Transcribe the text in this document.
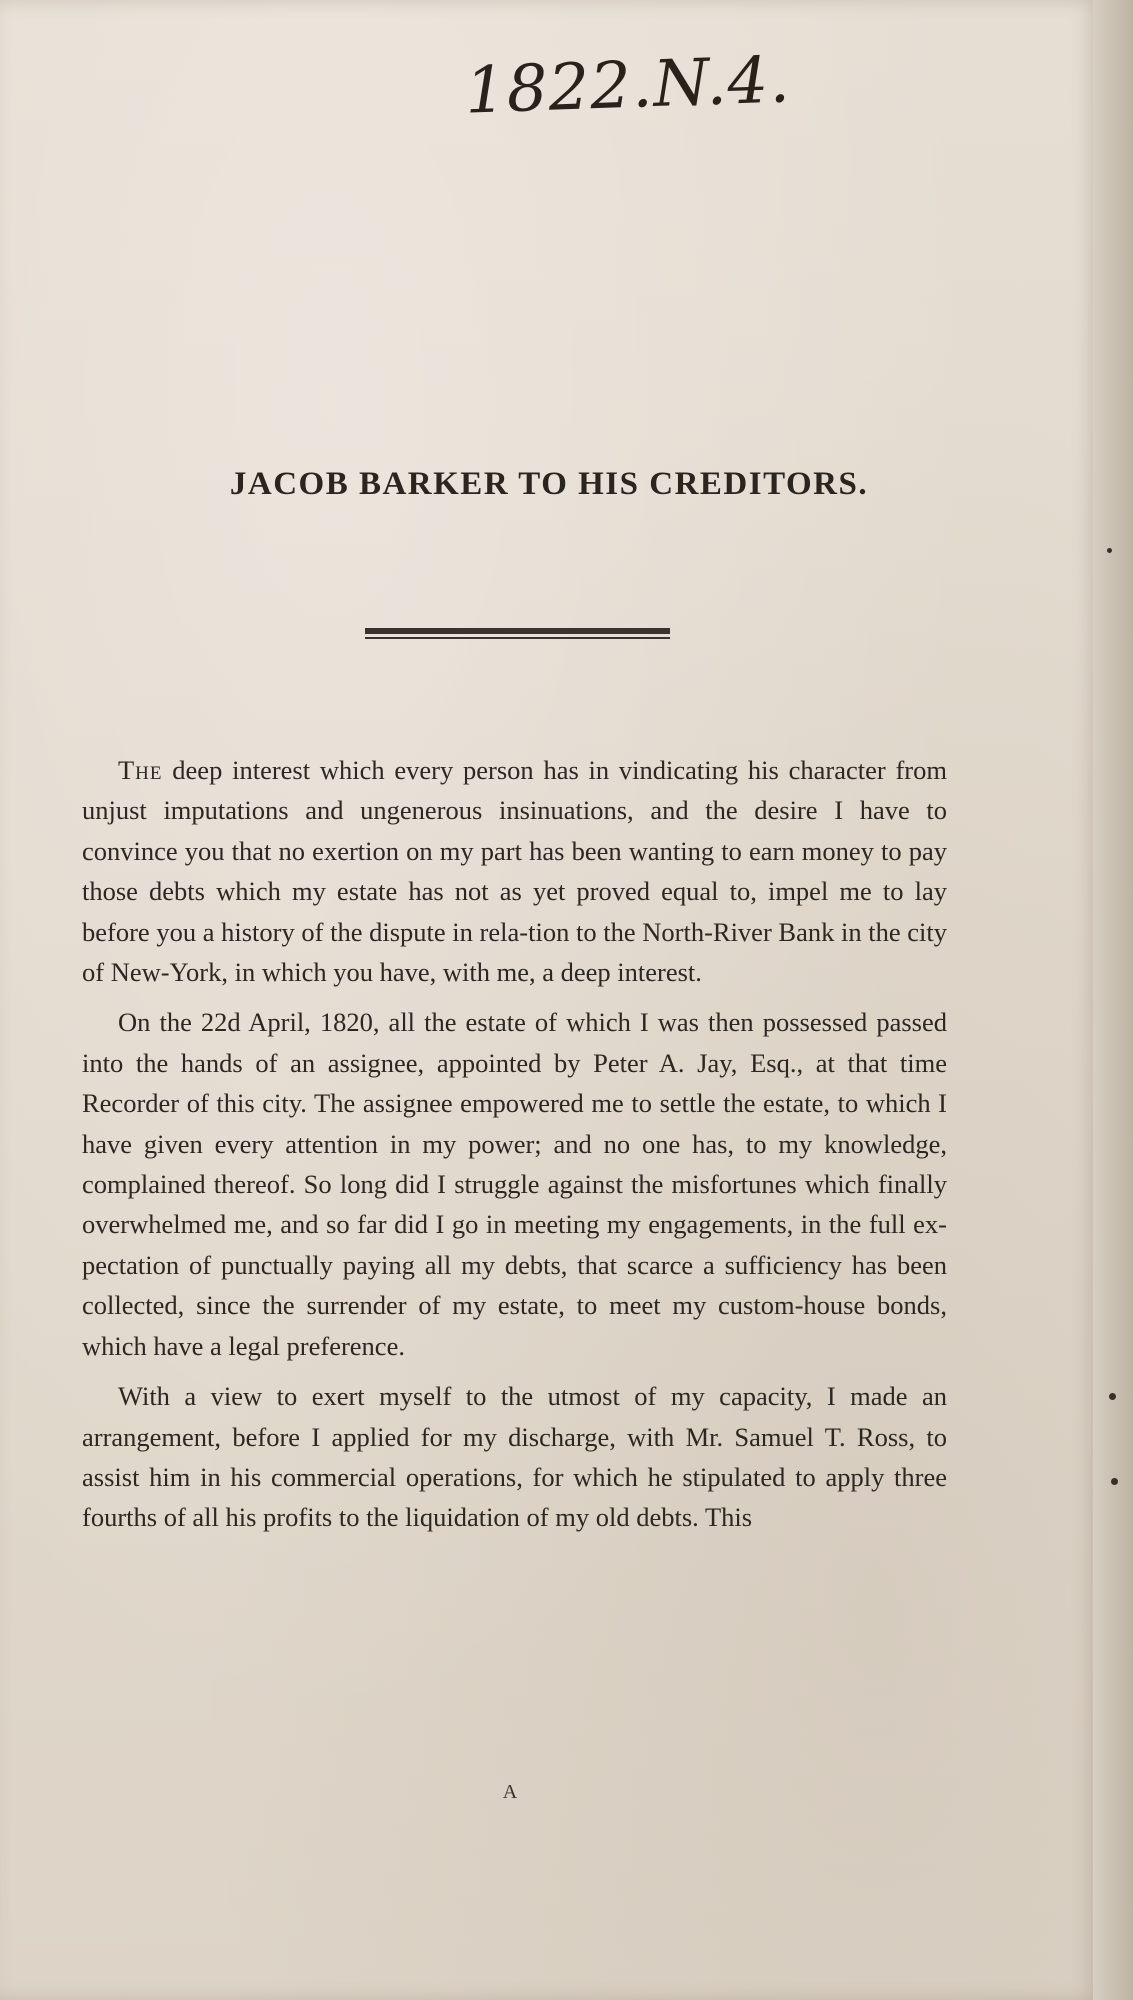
1822.N.4.
JACOB BARKER TO HIS CREDITORS.

The deep interest which every person has in vindicating his character from unjust imputations and ungenerous insinuations, and the desire I have to convince you that no exertion on my part has been wanting to earn money to pay those debts which my estate has not as yet proved equal to, impel me to lay before you a history of the dispute in rela-tion to the North-River Bank in the city of New-York, in which you have, with me, a deep interest.

On the 22d April, 1820, all the estate of which I was then possessed passed into the hands of an assignee, appointed by Peter A. Jay, Esq., at that time Recorder of this city. The assignee empowered me to settle the estate, to which I have given every attention in my power; and no one has, to my knowledge, complained thereof. So long did I struggle against the misfortunes which finally overwhelmed me, and so far did I go in meeting my engagements, in the full ex-pectation of punctually paying all my debts, that scarce a sufficiency has been collected, since the surrender of my estate, to meet my custom-house bonds, which have a legal preference.

With a view to exert myself to the utmost of my capacity, I made an arrangement, before I applied for my discharge, with Mr. Samuel T. Ross, to assist him in his commercial operations, for which he stipulated to apply three fourths of all his profits to the liquidation of my old debts. This

A
